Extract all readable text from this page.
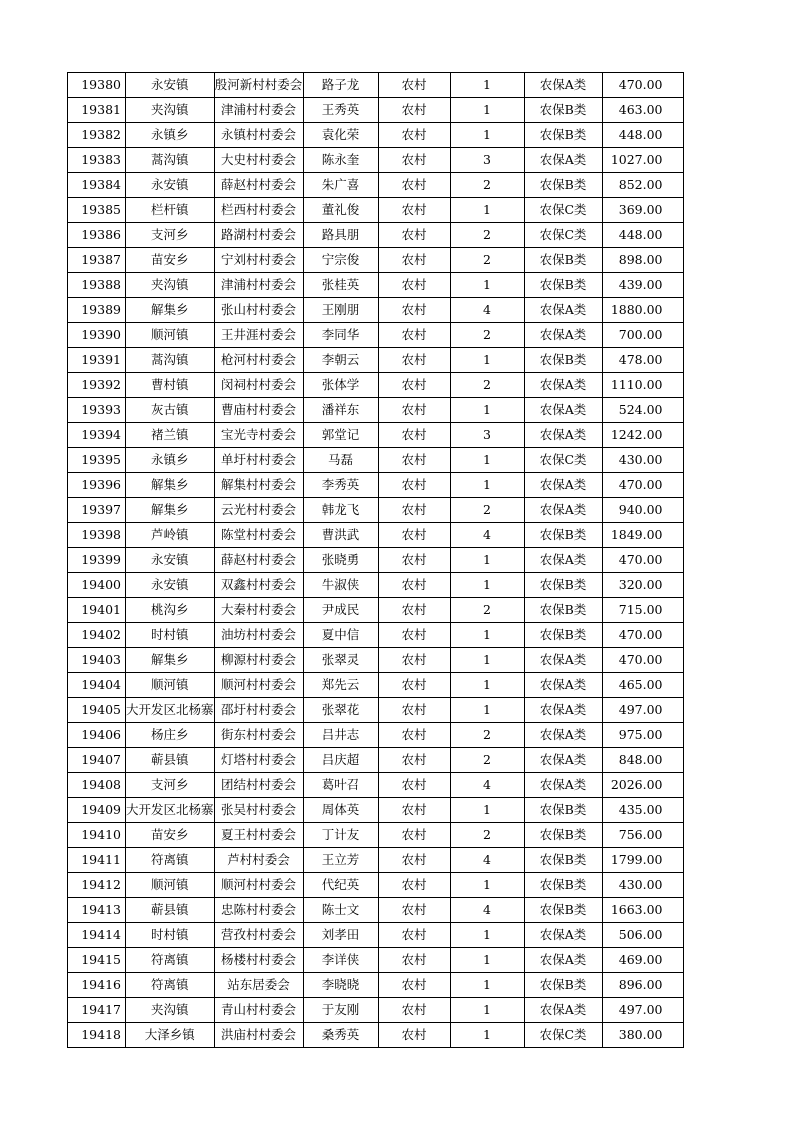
19380	永安镇	殷河新村村委会	路子龙	农村	1	农保A类	470.00
19381	夹沟镇	津浦村村委会	王秀英	农村	1	农保B类	463.00
19382	永镇乡	永镇村村委会	袁化荣	农村	1	农保B类	448.00
19383	蒿沟镇	大史村村委会	陈永奎	农村	3	农保A类	1027.00
19384	永安镇	薛赵村村委会	朱广喜	农村	2	农保B类	852.00
19385	栏杆镇	栏西村村委会	董礼俊	农村	1	农保C类	369.00
19386	支河乡	路湖村村委会	路具朋	农村	2	农保C类	448.00
19387	苗安乡	宁刘村村委会	宁宗俊	农村	2	农保B类	898.00
19388	夹沟镇	津浦村村委会	张桂英	农村	1	农保B类	439.00
19389	解集乡	张山村村委会	王刚朋	农村	4	农保A类	1880.00
19390	顺河镇	王井涯村委会	李同华	农村	2	农保A类	700.00
19391	蒿沟镇	枪河村村委会	李朝云	农村	1	农保B类	478.00
19392	曹村镇	闵祠村村委会	张体学	农村	2	农保A类	1110.00
19393	灰古镇	曹庙村村委会	潘祥东	农村	1	农保A类	524.00
19394	褚兰镇	宝光寺村委会	郭堂记	农村	3	农保A类	1242.00
19395	永镇乡	单圩村村委会	马磊	农村	1	农保C类	430.00
19396	解集乡	解集村村委会	李秀英	农村	1	农保A类	470.00
19397	解集乡	云光村村委会	韩龙飞	农村	2	农保A类	940.00
19398	芦岭镇	陈堂村村委会	曹洪武	农村	4	农保B类	1849.00
19399	永安镇	薛赵村村委会	张晓勇	农村	1	农保A类	470.00
19400	永安镇	双鑫村村委会	牛淑侠	农村	1	农保B类	320.00
19401	桃沟乡	大秦村村委会	尹成民	农村	2	农保B类	715.00
19402	时村镇	油坊村村委会	夏中信	农村	1	农保B类	470.00
19403	解集乡	柳源村村委会	张翠灵	农村	1	农保A类	470.00
19404	顺河镇	顺河村村委会	郑先云	农村	1	农保A类	465.00
19405	大开发区北杨寨	邵圩村村委会	张翠花	农村	1	农保A类	497.00
19406	杨庄乡	街东村村委会	吕井志	农村	2	农保A类	975.00
19407	蕲县镇	灯塔村村委会	吕庆超	农村	2	农保A类	848.00
19408	支河乡	团结村村委会	葛叶召	农村	4	农保A类	2026.00
19409	大开发区北杨寨	张吴村村委会	周体英	农村	1	农保B类	435.00
19410	苗安乡	夏王村村委会	丁计友	农村	2	农保B类	756.00
19411	符离镇	芦村村委会	王立芳	农村	4	农保B类	1799.00
19412	顺河镇	顺河村村委会	代纪英	农村	1	农保B类	430.00
19413	蕲县镇	忠陈村村委会	陈士文	农村	4	农保B类	1663.00
19414	时村镇	营孜村村委会	刘孝田	农村	1	农保A类	506.00
19415	符离镇	杨楼村村委会	李详侠	农村	1	农保A类	469.00
19416	符离镇	站东居委会	李晓晓	农村	1	农保B类	896.00
19417	夹沟镇	青山村村委会	于友刚	农村	1	农保A类	497.00
19418	大泽乡镇	洪庙村村委会	桑秀英	农村	1	农保C类	380.00
